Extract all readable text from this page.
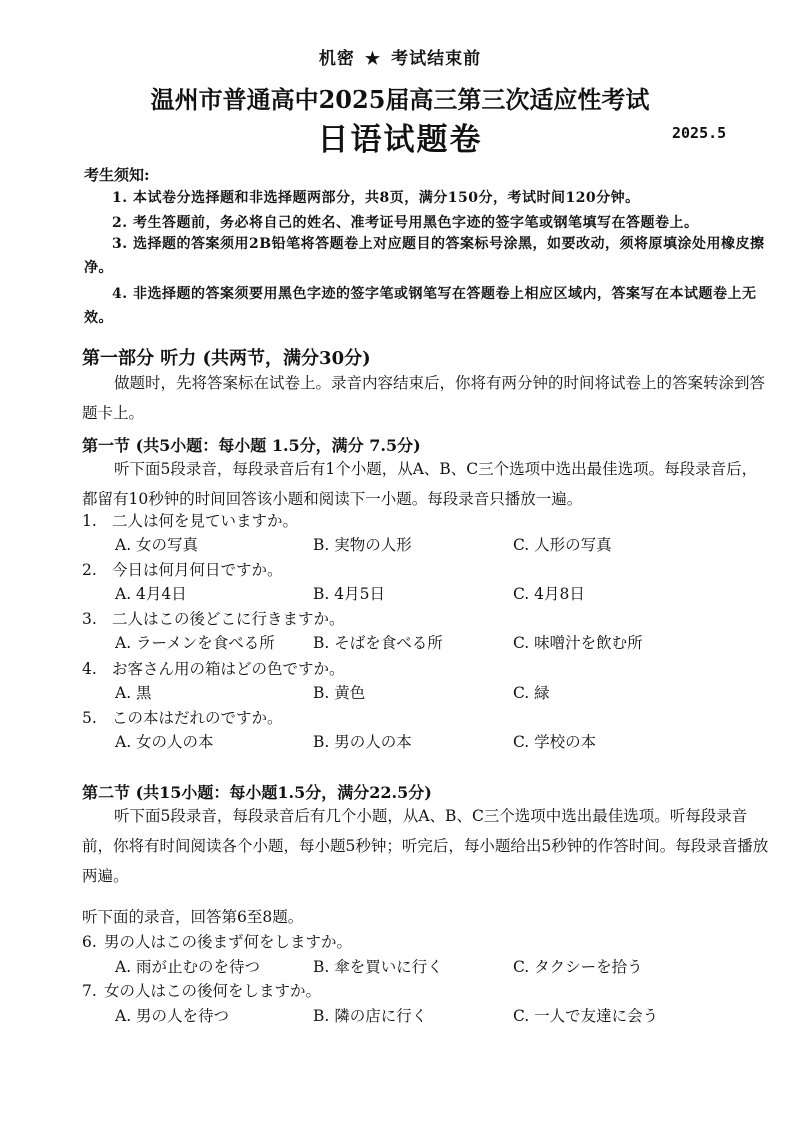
机密 ★ 考试结束前
温州市普通高中2025届高三第三次适应性考试
日语试题卷	2025.5
考生须知:
1. 本试卷分选择题和非选择题两部分，共8页，满分150分，考试时间120分钟。
2. 考生答题前，务必将自己的姓名、准考证号用黑色字迹的签字笔或钢笔填写在答题卷上。
3. 选择题的答案须用2B铅笔将答题卷上对应题目的答案标号涂黑，如要改动，须将原填涂处用橡皮擦净。
4. 非选择题的答案须要用黑色字迹的签字笔或钢笔写在答题卷上相应区域内，答案写在本试题卷上无效。
第一部分 听力 (共两节，满分30分)
做题时，先将答案标在试卷上。录音内容结束后，你将有两分钟的时间将试卷上的答案转涂到答题卡上。
第一节 (共5小题：每小题 1.5分，满分 7.5分)
听下面5段录音，每段录音后有1个小题，从A、B、C三个选项中选出最佳选项。每段录音后，都留有10秒钟的时间回答该小题和阅读下一小题。每段录音只播放一遍。
1. 二人は何を見ていますか。
A. 女の写真	B. 実物の人形	C. 人形の写真
2. 今日は何月何日ですか。
A. 4月4日	B. 4月5日	C. 4月8日
3. 二人はこの後どこに行きますか。
A. ラーメンを食べる所 B. そばを食べる所	C. 味噌汁を飲む所
4. お客さん用の箱はどの色ですか。
A. 黒	B. 黄色	C. 緑
5. この本はだれのですか。
A. 女の人の本	B. 男の人の本	C. 学校の本
第二节 (共15小题：每小题1.5分，满分22.5分)
听下面5段录音，每段录音后有几个小题，从A、B、C三个选项中选出最佳选项。听每段录音前，你将有时间阅读各个小题，每小题5秒钟；听完后，每小题给出5秒钟的作答时间。每段录音播放两遍。
听下面的录音，回答第6至8题。
6. 男の人はこの後まず何をしますか。
A. 雨が止むのを待つ	B. 傘を買いに行く	C. タクシーを拾う
7. 女の人はこの後何をしますか。
A. 男の人を待つ	B. 隣の店に行く	C. 一人で友達に会う
